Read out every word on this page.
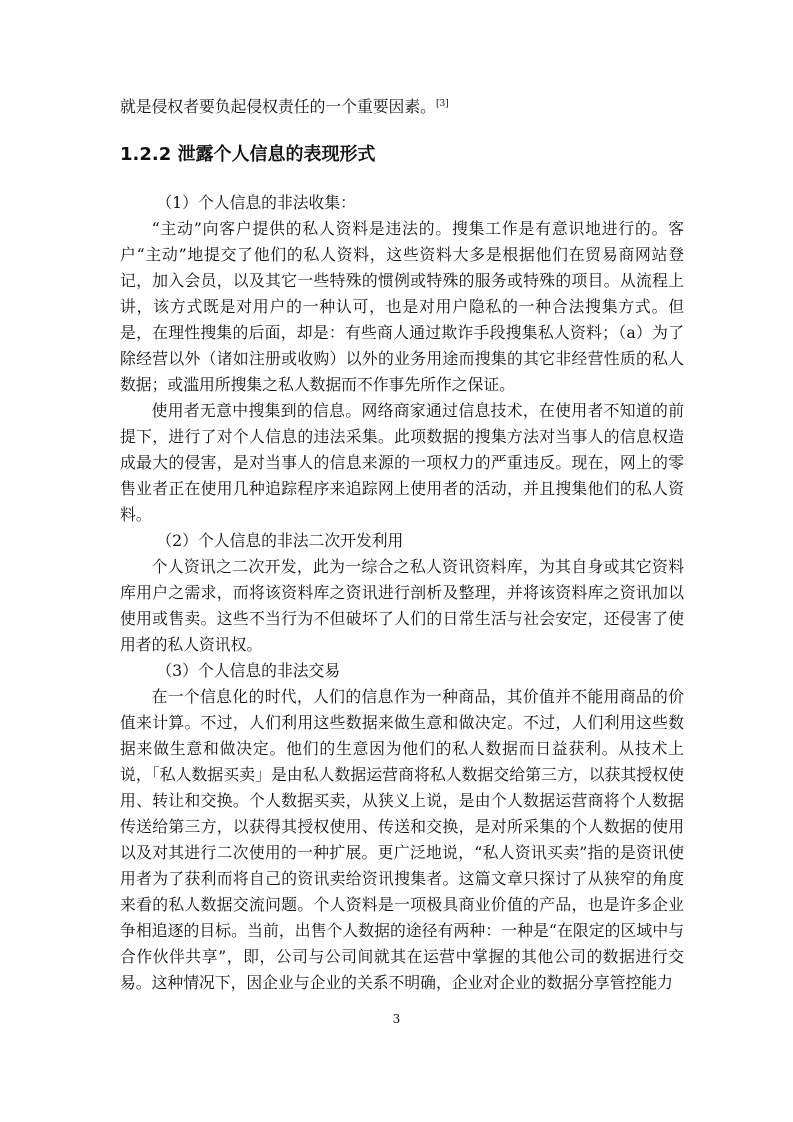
就是侵权者要负起侵权责任的一个重要因素。[3]

1.2.2 泄露个人信息的表现形式

（1）个人信息的非法收集：

“主动”向客户提供的私人资料是违法的。搜集工作是有意识地进行的。客户“主动”地提交了他们的私人资料，这些资料大多是根据他们在贸易商网站登记，加入会员，以及其它一些特殊的惯例或特殊的服务或特殊的项目。从流程上讲，该方式既是对用户的一种认可，也是对用户隐私的一种合法搜集方式。但是，在理性搜集的后面，却是：有些商人通过欺诈手段搜集私人资料；（a）为了除经营以外（诸如注册或收购）以外的业务用途而搜集的其它非经营性质的私人数据；或滥用所搜集之私人数据而不作事先所作之保证。

使用者无意中搜集到的信息。网络商家通过信息技术，在使用者不知道的前提下，进行了对个人信息的违法采集。此项数据的搜集方法对当事人的信息权造成最大的侵害，是对当事人的信息来源的一项权力的严重违反。现在，网上的零售业者正在使用几种追踪程序来追踪网上使用者的活动，并且搜集他们的私人资料。

（2）个人信息的非法二次开发利用

个人资讯之二次开发，此为一综合之私人资讯资料库，为其自身或其它资料库用户之需求，而将该资料库之资讯进行剖析及整理，并将该资料库之资讯加以使用或售卖。这些不当行为不但破坏了人们的日常生活与社会安定，还侵害了使用者的私人资讯权。

（3）个人信息的非法交易

在一个信息化的时代，人们的信息作为一种商品，其价值并不能用商品的价值来计算。不过，人们利用这些数据来做生意和做决定。不过，人们利用这些数据来做生意和做决定。他们的生意因为他们的私人数据而日益获利。从技术上说，「私人数据买卖」是由私人数据运营商将私人数据交给第三方，以获其授权使用、转让和交换。个人数据买卖，从狭义上说，是由个人数据运营商将个人数据传送给第三方，以获得其授权使用、传送和交换，是对所采集的个人数据的使用以及对其进行二次使用的一种扩展。更广泛地说，“私人资讯买卖”指的是资讯使用者为了获利而将自己的资讯卖给资讯搜集者。这篇文章只探讨了从狭窄的角度来看的私人数据交流问题。个人资料是一项极具商业价值的产品，也是许多企业争相追逐的目标。当前，出售个人数据的途径有两种：一种是“在限定的区域中与合作伙伴共享”，即，公司与公司间就其在运营中掌握的其他公司的数据进行交易。这种情况下，因企业与企业的关系不明确，企业对企业的数据分享管控能力

3
